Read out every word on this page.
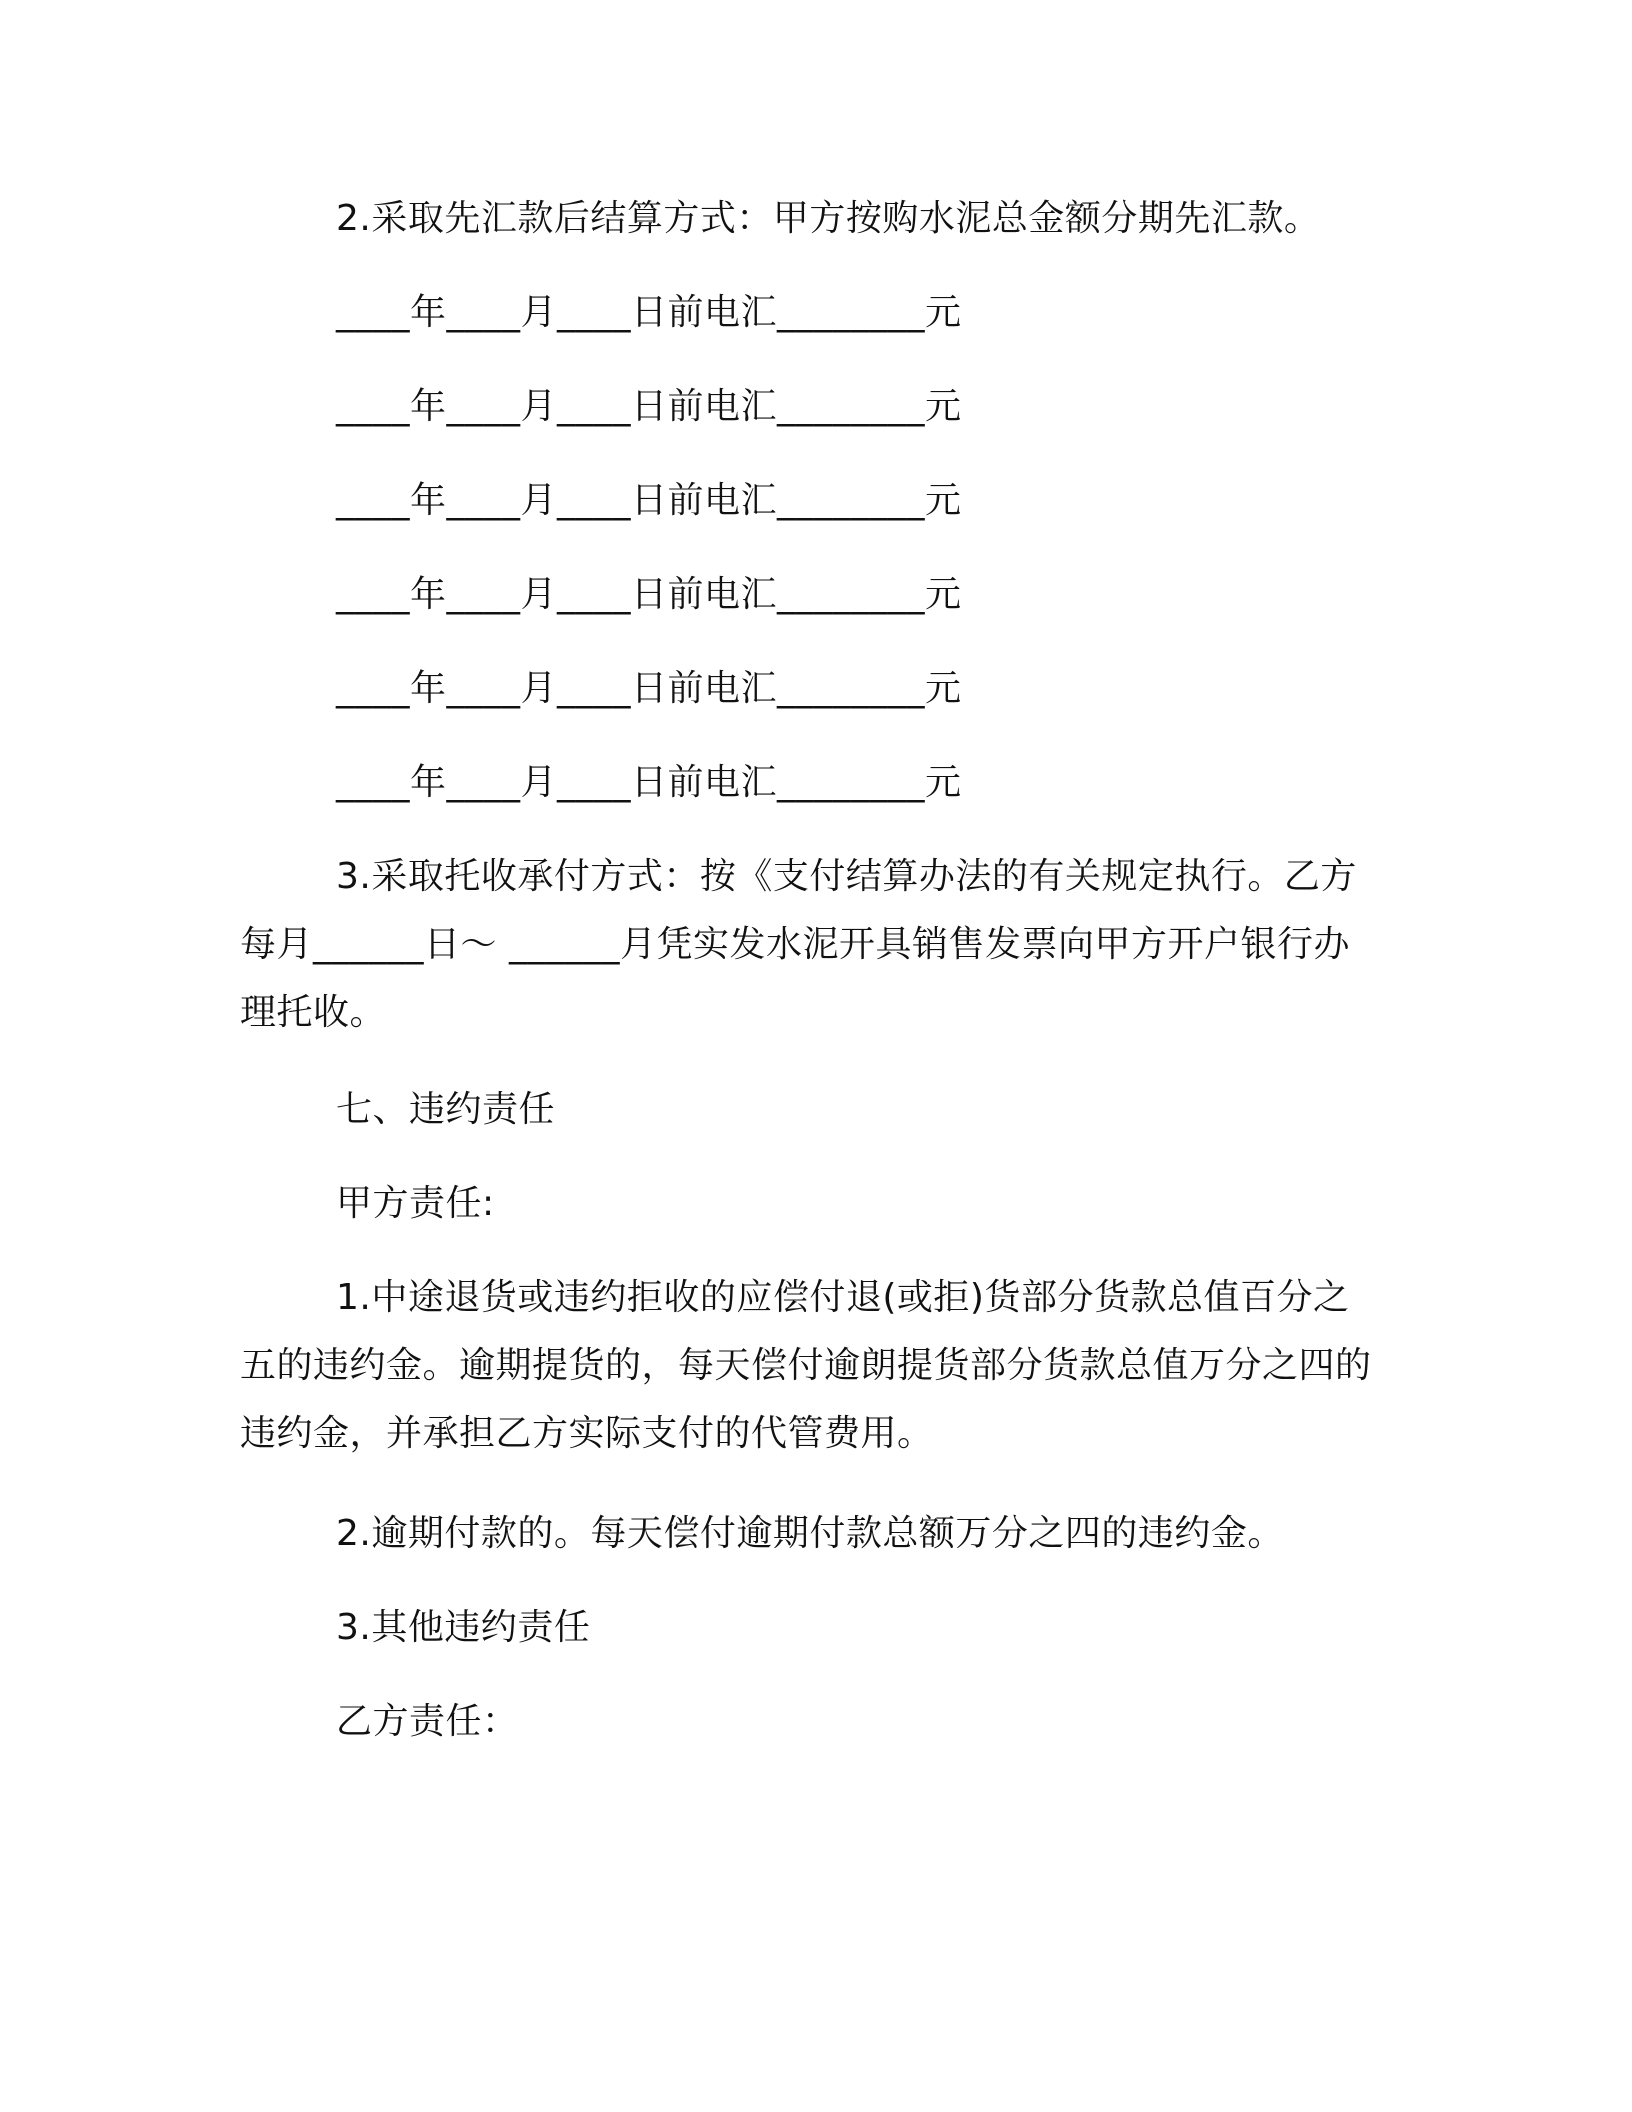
2.采取先汇款后结算方式：甲方按购水泥总金额分期先汇款。
____年____月____日前电汇________元
____年____月____日前电汇________元
____年____月____日前电汇________元
____年____月____日前电汇________元
____年____月____日前电汇________元
____年____月____日前电汇________元
3.采取托收承付方式：按《支付结算办法的有关规定执行。乙方每月______日～ ______月凭实发水泥开具销售发票向甲方开户银行办理托收。
七、违约责任
甲方责任:
1.中途退货或违约拒收的应偿付退(或拒)货部分货款总值百分之五的违约金。逾期提货的，每天偿付逾朗提货部分货款总值万分之四的违约金，并承担乙方实际支付的代管费用。
2.逾期付款的。每天偿付逾期付款总额万分之四的违约金。
3.其他违约责任
乙方责任：
